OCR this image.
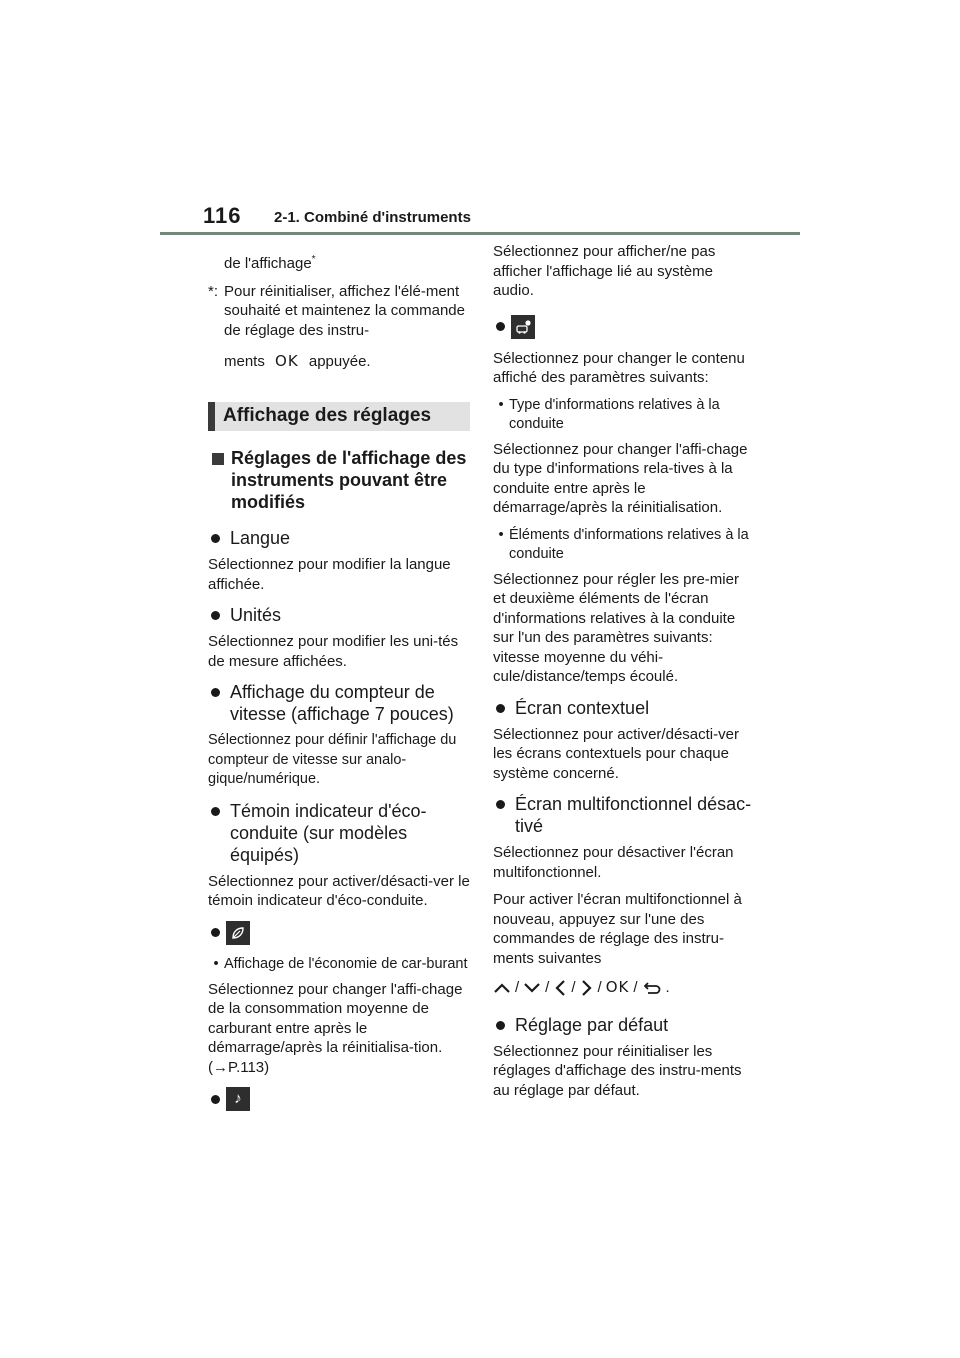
116 2-1. Combiné d'instruments

de l'affichage*

*: Pour réinitialiser, affichez l'élé-ment souhaité et maintenez la commande de réglage des instru-

ments OK appuyée.

Affichage des réglages
Réglages de l'affichage des instruments pouvant être modifiés
Langue

Sélectionnez pour modifier la langue affichée.

Unités

Sélectionnez pour modifier les uni-tés de mesure affichées.

Affichage du compteur de vitesse (affichage 7 pouces)

Sélectionnez pour définir l'affichage du compteur de vitesse sur analo-gique/numérique.

Témoin indicateur d'éco-conduite (sur modèles équipés)

Sélectionnez pour activer/désacti-ver le témoin indicateur d'éco-conduite.

• Affichage de l'économie de car-burant

Sélectionnez pour changer l'affi-chage de la consommation moyenne de carburant entre après le démarrage/après la réinitialisa-tion. (→P.113)

♪

Sélectionnez pour afficher/ne pas afficher l'affichage lié au système audio.

Sélectionnez pour changer le contenu affiché des paramètres suivants:

• Type d'informations relatives à la conduite

Sélectionnez pour changer l'affi-chage du type d'informations rela-tives à la conduite entre après le démarrage/après la réinitialisation.

• Éléments d'informations relatives à la conduite

Sélectionnez pour régler les pre-mier et deuxième éléments de l'écran d'informations relatives à la conduite sur l'un des paramètres suivants: vitesse moyenne du véhi-cule/distance/temps écoulé.

Écran contextuel

Sélectionnez pour activer/désacti-ver les écrans contextuels pour chaque système concerné.

Écran multifonctionnel désac-tivé

Sélectionnez pour désactiver l'écran multifonctionnel.

Pour activer l'écran multifonctionnel à nouveau, appuyez sur l'une des commandes de réglage des instru-ments suivantes

/ / / / OK / .
Réglage par défaut

Sélectionnez pour réinitialiser les réglages d'affichage des instru-ments au réglage par défaut.
